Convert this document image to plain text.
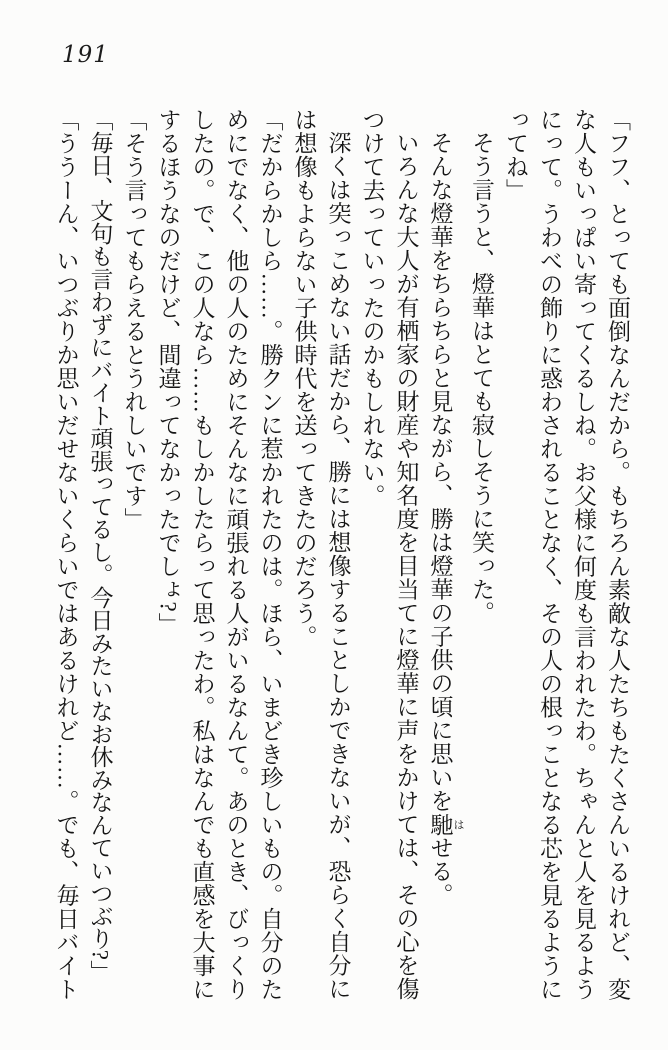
191

「フフ、とっても面倒なんだから。もちろん素敵な人たちもたくさんいるけれど、変な人もいっぱい寄ってくるしね。お父様に何度も言われたわ。ちゃんと人を見るようにって。うわべの飾りに惑わされることなく、その人の根っことなる芯を見るようにってね」

そう言うと、燈華はとても寂しそうに笑った。

そんな燈華をちらちらと見ながら、勝は燈華の子供の頃に思いを馳 はせる。

いろんな大人が有栖家の財産や知名度を目当てに燈華に声をかけては、その心を傷つけて去っていったのかもしれない。

深くは突っこめない話だから、勝には想像することしかできないが、恐らく自分には想像もよらない子供時代を送ってきたのだろう。

「だからかしら……。勝クンに惹かれたのは。ほら、いまどき珍しいもの。自分のためにでなく、他の人のためにそんなに頑張れる人がいるなんて。あのとき、びっくりしたの。で、この人なら……もしかしたらって思ったわ。私はなんでも直感を大事にするほうなのだけど、間違ってなかったでしょ?」

「そう言ってもらえるとうれしいです」

「毎日、文句も言わずにバイト頑張ってるし。今日みたいなお休みなんていつぶり?」

「ううーん、いつぶりか思いだせないくらいではあるけれど……。でも、毎日バイト
